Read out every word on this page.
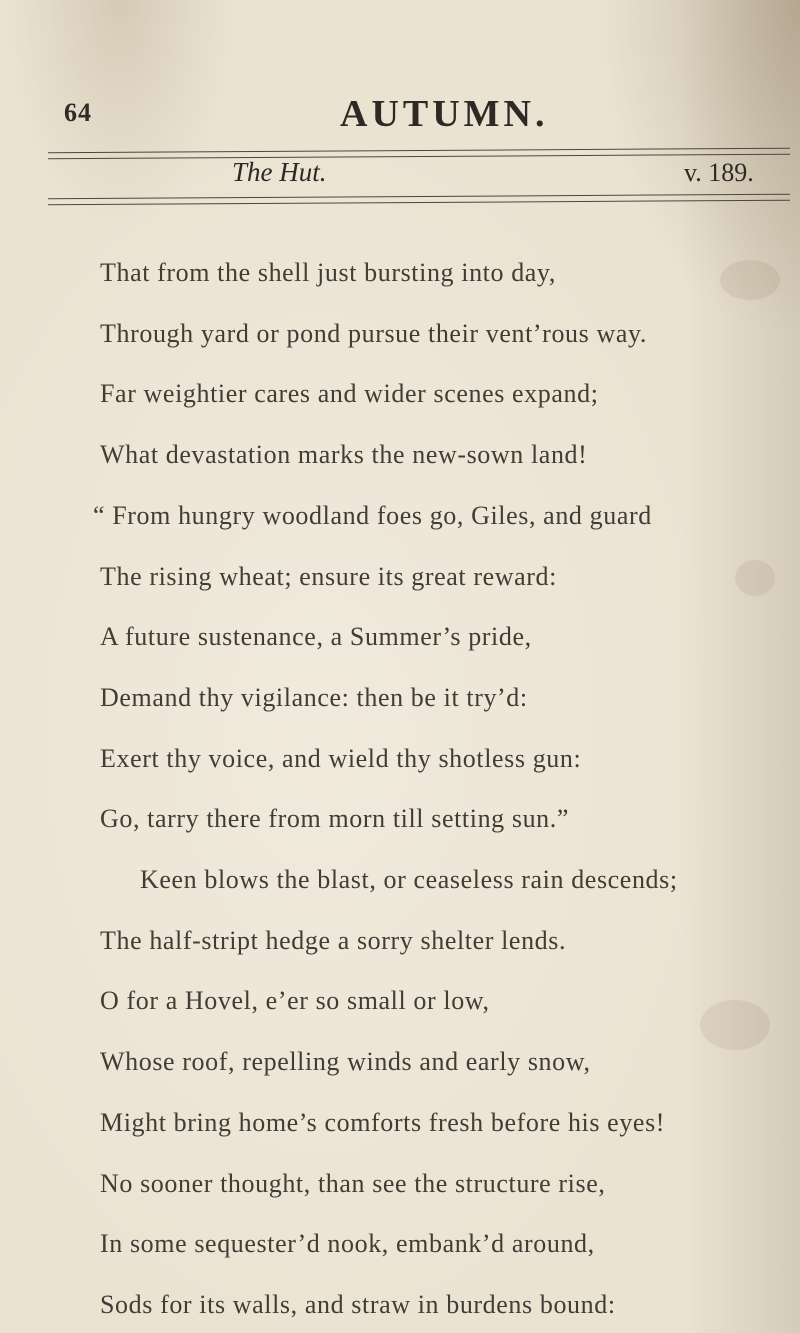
64	AUTUMN.
The Hut.	v. 189.
That from the shell just bursting into day,
Through yard or pond pursue their vent’rous way.
Far weightier cares and wider scenes expand;
What devastation marks the new-sown land!
“ From hungry woodland foes go, Giles, and guard
The rising wheat; ensure its great reward:
A future sustenance, a Summer’s pride,
Demand thy vigilance: then be it try’d:
Exert thy voice, and wield thy shotless gun:
Go, tarry there from morn till setting sun.”
Keen blows the blast, or ceaseless rain descends;
The half-stript hedge a sorry shelter lends.
O for a Hovel, e’er so small or low,
Whose roof, repelling winds and early snow,
Might bring home’s comforts fresh before his eyes!
No sooner thought, than see the structure rise,
In some sequester’d nook, embank’d around,
Sods for its walls, and straw in burdens bound:
